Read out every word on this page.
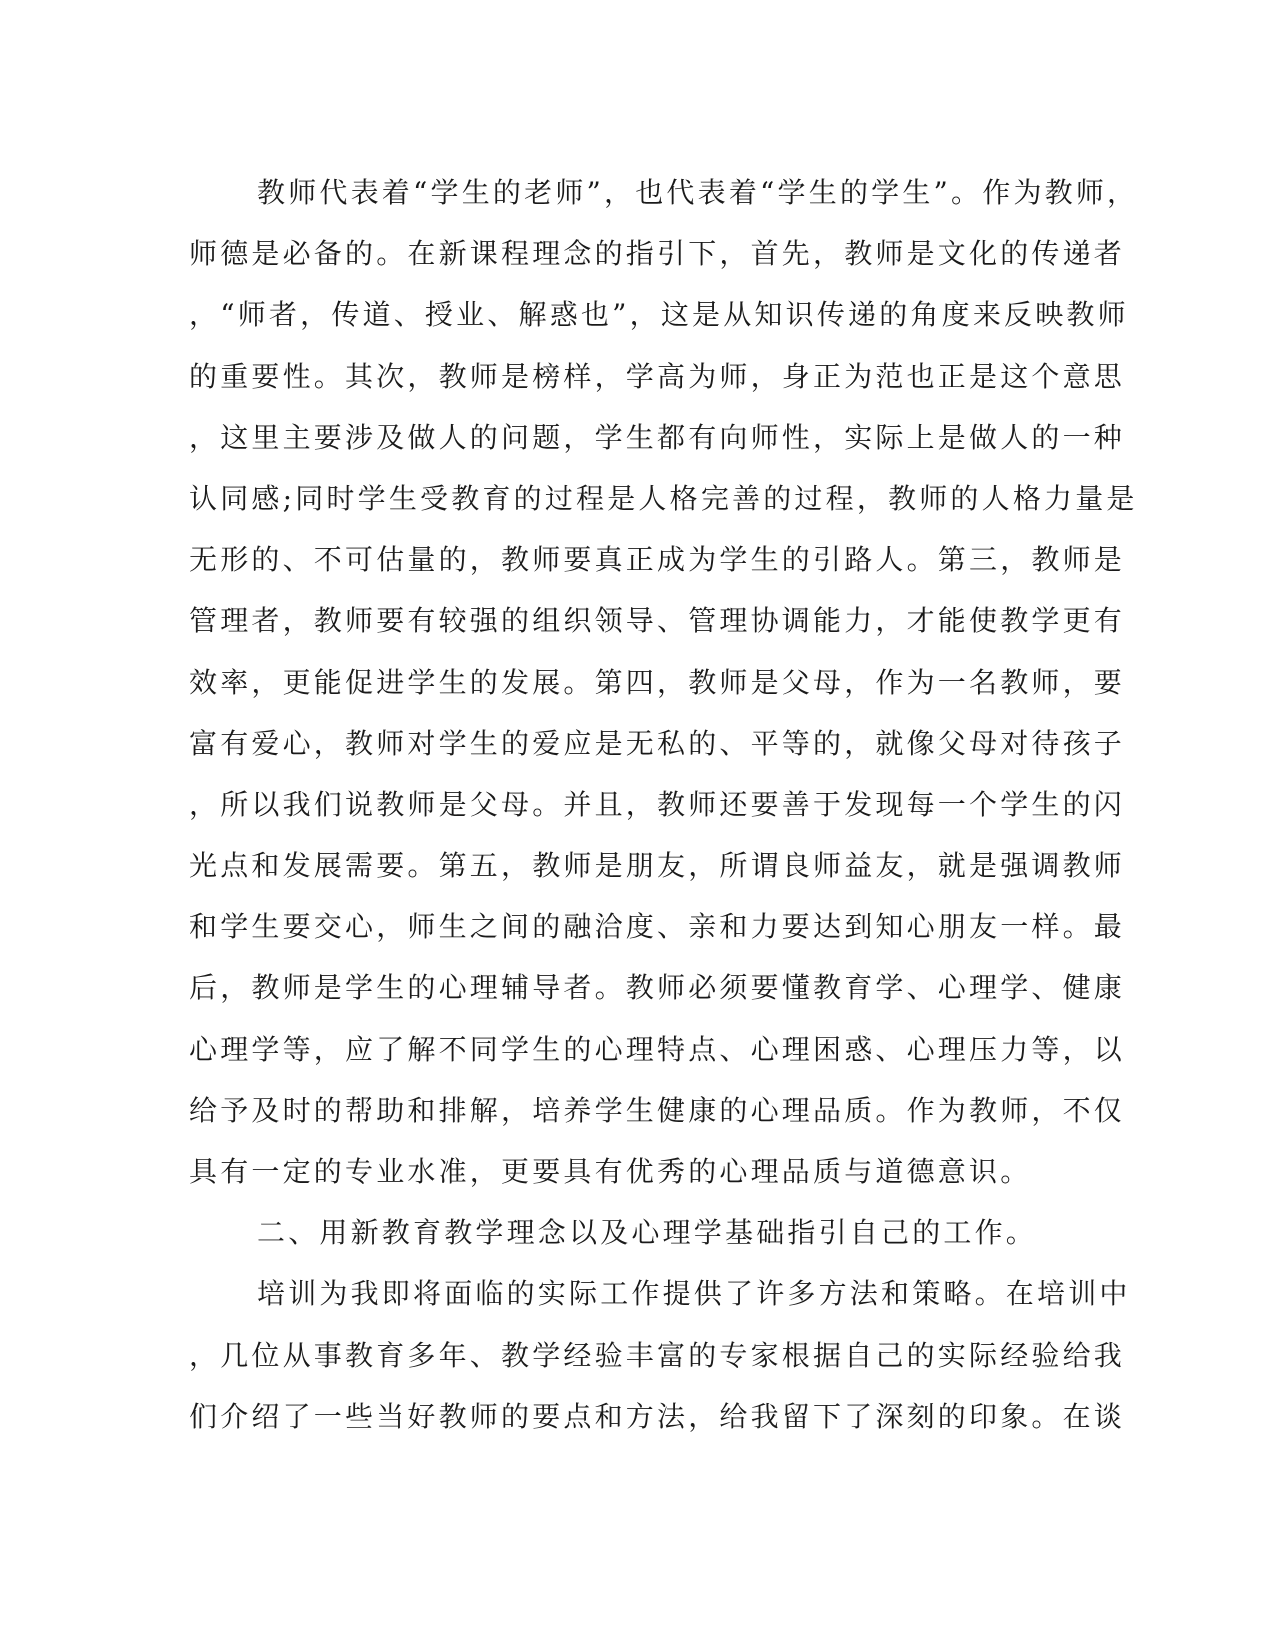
教师代表着“学生的老师”，也代表着“学生的学生”。作为教师，
师德是必备的。在新课程理念的指引下，首先，教师是文化的传递者
，“师者，传道、授业、解惑也”，这是从知识传递的角度来反映教师
的重要性。其次，教师是榜样，学高为师，身正为范也正是这个意思
，这里主要涉及做人的问题，学生都有向师性，实际上是做人的一种
认同感;同时学生受教育的过程是人格完善的过程，教师的人格力量是
无形的、不可估量的，教师要真正成为学生的引路人。第三，教师是
管理者，教师要有较强的组织领导、管理协调能力，才能使教学更有
效率，更能促进学生的发展。第四，教师是父母，作为一名教师，要
富有爱心，教师对学生的爱应是无私的、平等的，就像父母对待孩子
，所以我们说教师是父母。并且，教师还要善于发现每一个学生的闪
光点和发展需要。第五，教师是朋友，所谓良师益友，就是强调教师
和学生要交心，师生之间的融洽度、亲和力要达到知心朋友一样。最
后，教师是学生的心理辅导者。教师必须要懂教育学、心理学、健康
心理学等，应了解不同学生的心理特点、心理困惑、心理压力等，以
给予及时的帮助和排解，培养学生健康的心理品质。作为教师，不仅
具有一定的专业水准，更要具有优秀的心理品质与道德意识。
二、用新教育教学理念以及心理学基础指引自己的工作。
培训为我即将面临的实际工作提供了许多方法和策略。在培训中
，几位从事教育多年、教学经验丰富的专家根据自己的实际经验给我
们介绍了一些当好教师的要点和方法，给我留下了深刻的印象。在谈
